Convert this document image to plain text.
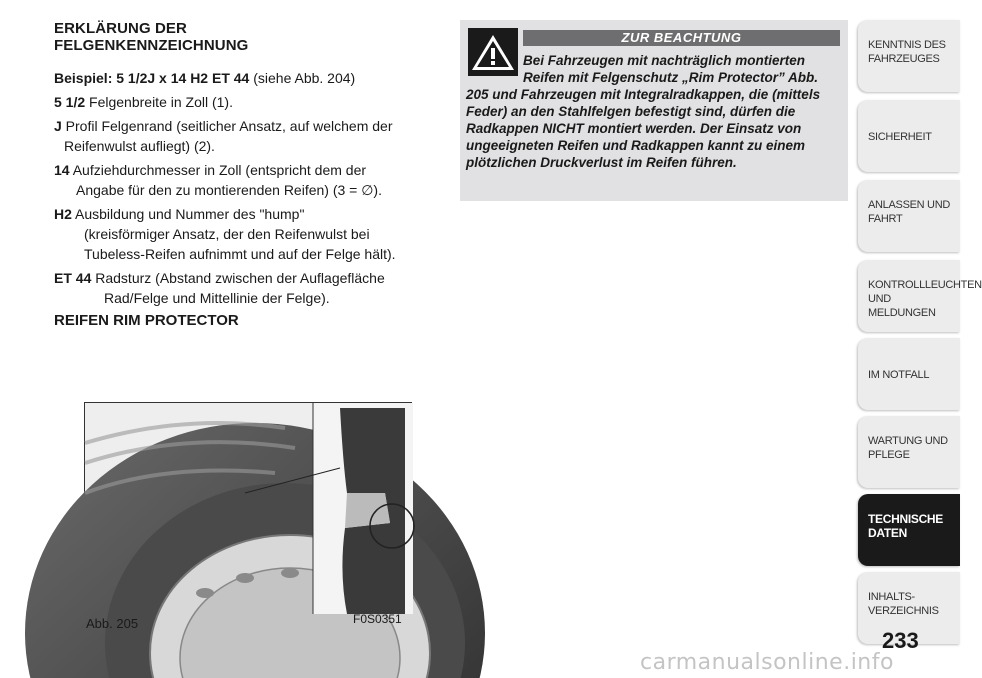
ERKLÄRUNG DER
FELGENKENNZEICHNUNG
Beispiel: 5 1/2J x 14 H2 ET 44 (siehe Abb. 204)
5 1/2 Felgenbreite in Zoll (1).
J Profil Felgenrand (seitlicher Ansatz, auf welchem der
Reifenwulst aufliegt) (2).
14 Aufziehdurchmesser in Zoll (entspricht dem der
Angabe für den zu montierenden Reifen) (3 = ∅).
H2 Ausbildung und Nummer des "hump"
(kreisförmiger Ansatz, der den Reifenwulst bei
Tubeless-Reifen aufnimmt und auf der Felge hält).
ET 44 Radsturz (Abstand zwischen der Auflagefläche
Rad/Felge und Mittellinie der Felge).
REIFEN RIM PROTECTOR
Abb. 205	F0S0351
ZUR BEACHTUNG
Bei Fahrzeugen mit nachträglich montierten Reifen mit Felgenschutz „Rim Protector” Abb. 205 und Fahrzeugen mit Integralradkappen, die (mittels Feder) an den Stahlfelgen befestigt sind, dürfen die Radkappen NICHT montiert werden. Der Einsatz von ungeeigneten Reifen und Radkappen kannt zu einem plötzlichen Druckverlust im Reifen führen.
KENNTNIS DES
FAHRZEUGES
SICHERHEIT
ANLASSEN UND
FAHRT
KONTROLLLEUCHTEN
UND MELDUNGEN
IM NOTFALL
WARTUNG UND
PFLEGE
TECHNISCHE
DATEN
INHALTS-
VERZEICHNIS
233
carmanualsonline.info
